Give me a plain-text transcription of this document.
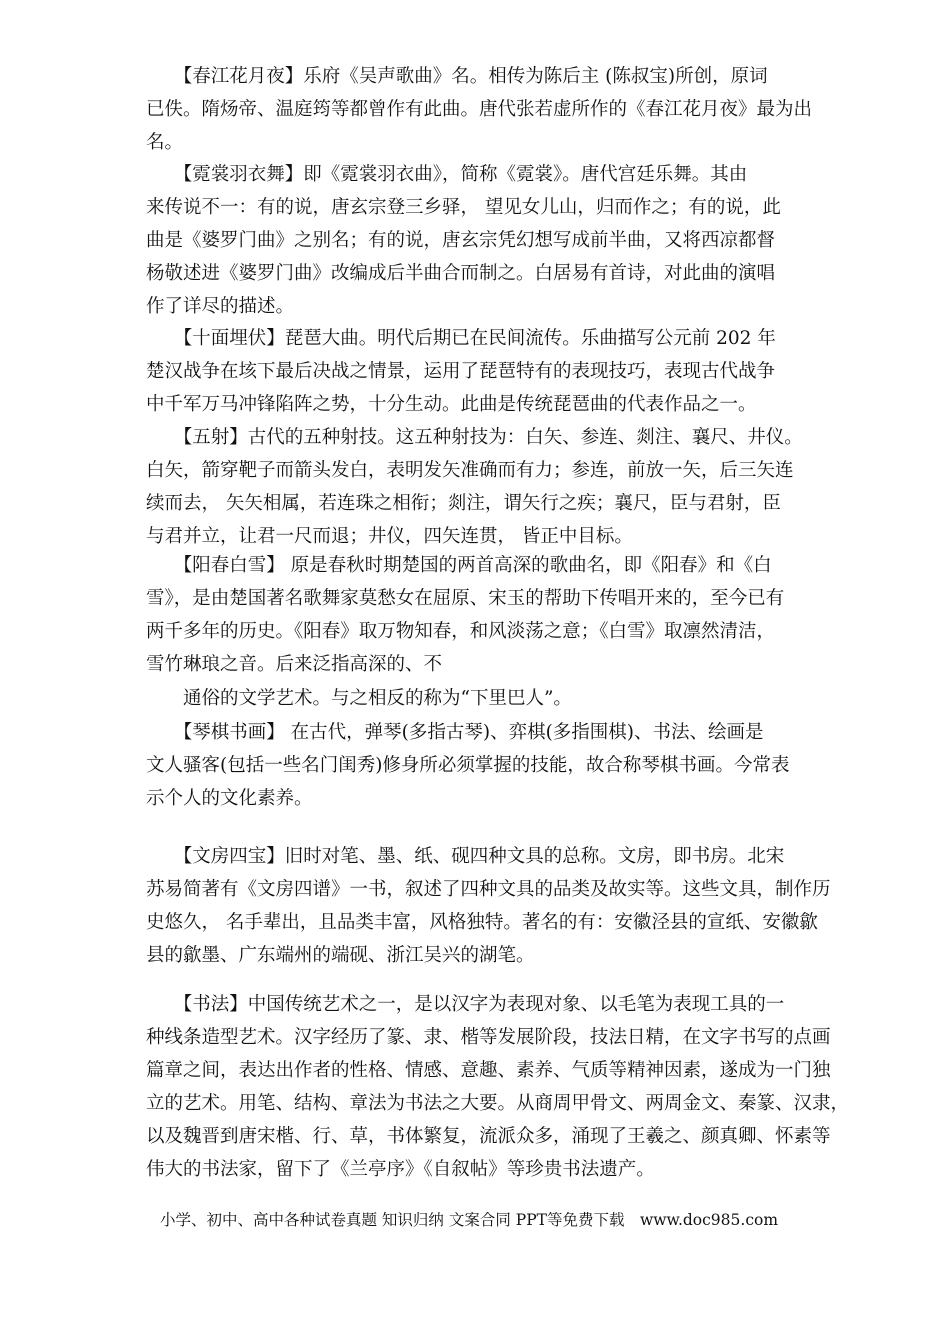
　　【春江花月夜】乐府《吴声歌曲》名。相传为陈后主 (陈叔宝)所创，原词
已佚。隋炀帝、温庭筠等都曾作有此曲。唐代张若虚所作的《春江花月夜》最为出
名。
　　【霓裳羽衣舞】即《霓裳羽衣曲》，简称《霓裳》。唐代宫廷乐舞。其由
来传说不一：有的说，唐玄宗登三乡驿， 望见女儿山，归而作之；有的说，此
曲是《婆罗门曲》之别名；有的说，唐玄宗凭幻想写成前半曲，又将西凉都督
杨敬述进《婆罗门曲》改编成后半曲合而制之。白居易有首诗，对此曲的演唱
作了详尽的描述。
　　【十面埋伏】琵琶大曲。明代后期已在民间流传。乐曲描写公元前 202 年
楚汉战争在垓下最后决战之情景，运用了琵琶特有的表现技巧，表现古代战争
中千军万马冲锋陷阵之势，十分生动。此曲是传统琵琶曲的代表作品之一。
　　【五射】古代的五种射技。这五种射技为：白矢、参连、剡注、襄尺、井仪。
白矢，箭穿靶子而箭头发白，表明发矢准确而有力；参连，前放一矢，后三矢连
续而去， 矢矢相属，若连珠之相衔；剡注，谓矢行之疾；襄尺，臣与君射，臣
与君并立，让君一尺而退；井仪，四矢连贯， 皆正中目标。
　　【阳春白雪】 原是春秋时期楚国的两首高深的歌曲名，即《阳春》和《白
雪》，是由楚国著名歌舞家莫愁女在屈原、宋玉的帮助下传唱开来的，至今已有
两千多年的历史。《阳春》取万物知春，和风淡荡之意；《白雪》取凛然清洁，
雪竹琳琅之音。后来泛指高深的、不
　　通俗的文学艺术。与之相反的称为“下里巴人”。
　　【琴棋书画】 在古代，弹琴(多指古琴)、弈棋(多指围棋)、书法、绘画是
文人骚客(包括一些名门闺秀)修身所必须掌握的技能，故合称琴棋书画。今常表
示个人的文化素养。
　　【文房四宝】旧时对笔、墨、纸、砚四种文具的总称。文房，即书房。北宋
苏易简著有《文房四谱》一书，叙述了四种文具的品类及故实等。这些文具，制作历
史悠久， 名手辈出，且品类丰富，风格独特。著名的有：安徽泾县的宣纸、安徽歙
县的歙墨、广东端州的端砚、浙江吴兴的湖笔。
　　【书法】中国传统艺术之一，是以汉字为表现对象、以毛笔为表现工具的一
种线条造型艺术。汉字经历了篆、隶、楷等发展阶段，技法日精，在文字书写的点画
篇章之间，表达出作者的性格、情感、意趣、素养、气质等精神因素，遂成为一门独
立的艺术。用笔、结构、章法为书法之大要。从商周甲骨文、两周金文、秦篆、汉隶，
以及魏晋到唐宋楷、行、草，书体繁复，流派众多，涌现了王羲之、颜真卿、怀素等
伟大的书法家，留下了《兰亭序》《自叙帖》等珍贵书法遗产。
小学、初中、高中各种试卷真题 知识归纳 文案合同 PPT等免费下载　www.doc985.com
